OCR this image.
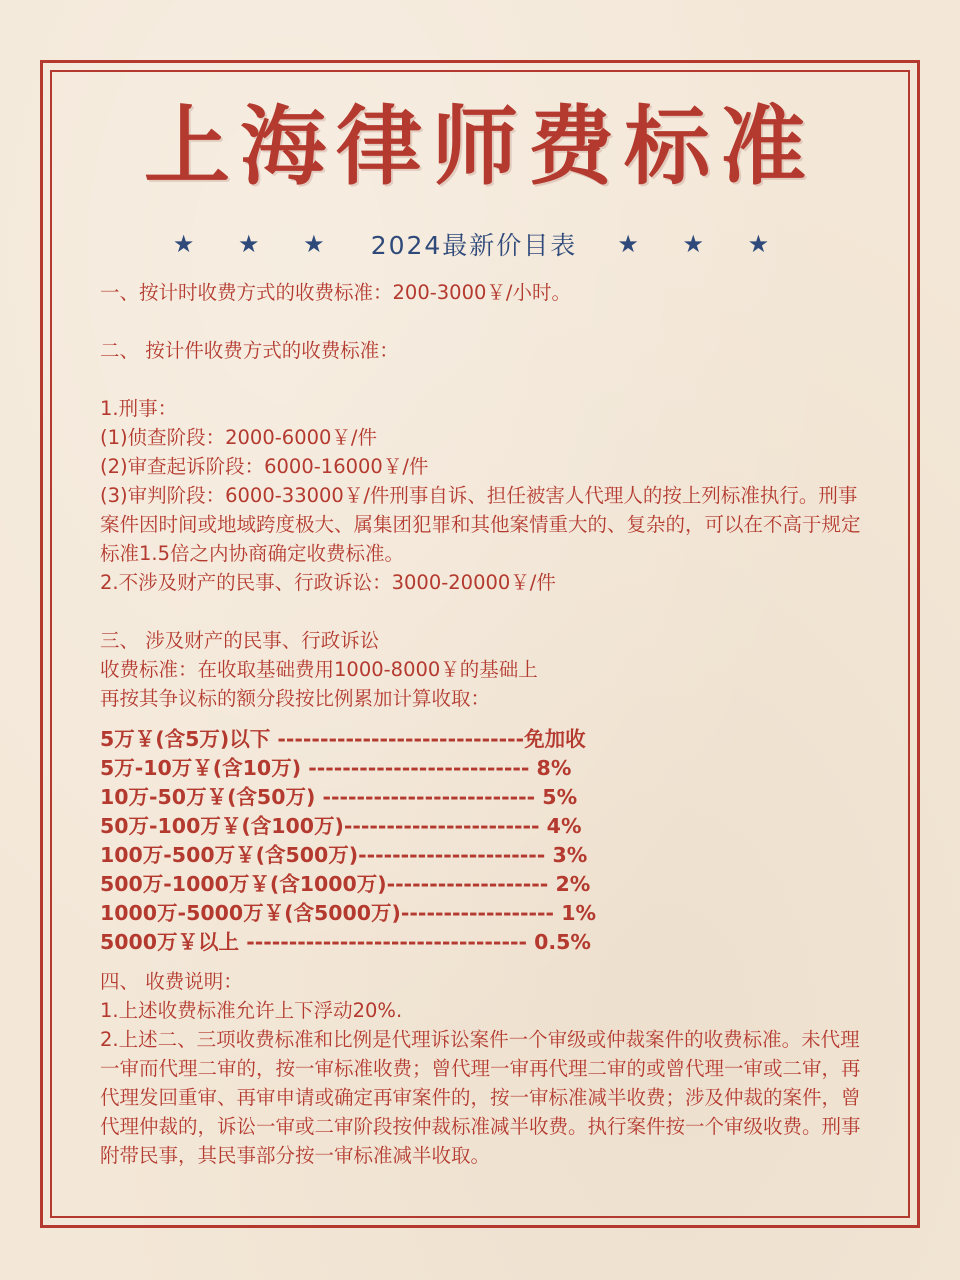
上海律师费标准
★ ★ ★ 2024最新价目表 ★ ★ ★
一、按计时收费方式的收费标准：200-3000￥/小时。
二、 按计件收费方式的收费标准：
1.刑事：
(1)侦查阶段：2000-6000￥/件
(2)审查起诉阶段：6000-16000￥/件
(3)审判阶段：6000-33000￥/件刑事自诉、担任被害人代理人的按上列标准执行。刑事案件因时间或地域跨度极大、属集团犯罪和其他案情重大的、复杂的，可以在不高于规定标准1.5倍之内协商确定收费标准。
2.不涉及财产的民事、行政诉讼：3000-20000￥/件
三、 涉及财产的民事、行政诉讼
收费标准：在收取基础费用1000-8000￥的基础上
再按其争议标的额分段按比例累加计算收取：
5万￥(含5万)以下 -----------------------------免加收
5万-10万￥(含10万) -------------------------- 8%
10万-50万￥(含50万) ------------------------- 5%
50万-100万￥(含100万)----------------------- 4%
100万-500万￥(含500万)---------------------- 3%
500万-1000万￥(含1000万)------------------- 2%
1000万-5000万￥(含5000万)------------------ 1%
5000万￥以上 --------------------------------- 0.5%
四、 收费说明：
1.上述收费标准允许上下浮动20%.
2.上述二、三项收费标准和比例是代理诉讼案件一个审级或仲裁案件的收费标准。未代理一审而代理二审的，按一审标准收费；曾代理一审再代理二审的或曾代理一审或二审，再代理发回重审、再审申请或确定再审案件的，按一审标准减半收费；涉及仲裁的案件，曾代理仲裁的，诉讼一审或二审阶段按仲裁标准减半收费。执行案件按一个审级收费。刑事附带民事，其民事部分按一审标准减半收取。
